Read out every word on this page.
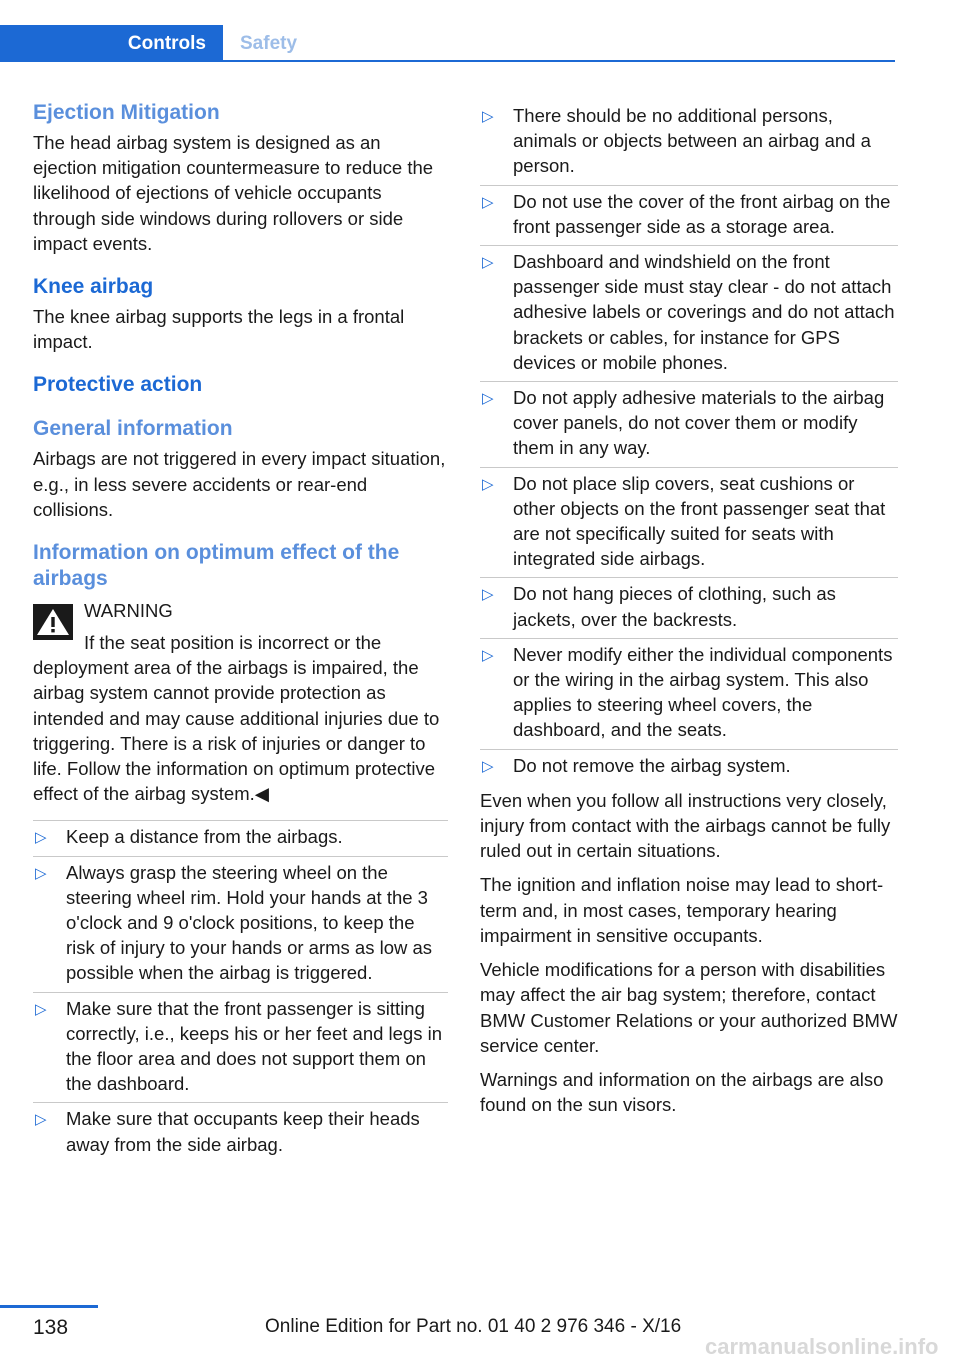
Controls	Safety
Ejection Mitigation

The head airbag system is designed as an ejection mitigation countermeasure to reduce the likelihood of ejections of vehicle occupants through side windows during rollovers or side impact events.

Knee airbag

The knee airbag supports the legs in a frontal impact.

Protective action
General information

Airbags are not triggered in every impact situation, e.g., in less severe accidents or rear-end collisions.

Information on optimum effect of the airbags
WARNING

If the seat position is incorrect or the deployment area of the airbags is impaired, the airbag system cannot provide protection as intended and may cause additional injuries due to triggering. There is a risk of injuries or danger to life. Follow the information on optimum protective effect of the airbag system.◀

▷ Keep a distance from the airbags.
▷ Always grasp the steering wheel on the steering wheel rim. Hold your hands at the 3 o'clock and 9 o'clock positions, to keep the risk of injury to your hands or arms as low as possible when the airbag is triggered.
▷ Make sure that the front passenger is sitting correctly, i.e., keeps his or her feet and legs in the floor area and does not support them on the dashboard.
▷ Make sure that occupants keep their heads away from the side airbag.
▷ There should be no additional persons, animals or objects between an airbag and a person.
▷ Do not use the cover of the front airbag on the front passenger side as a storage area.
▷ Dashboard and windshield on the front passenger side must stay clear - do not attach adhesive labels or coverings and do not attach brackets or cables, for instance for GPS devices or mobile phones.
▷ Do not apply adhesive materials to the airbag cover panels, do not cover them or modify them in any way.
▷ Do not place slip covers, seat cushions or other objects on the front passenger seat that are not specifically suited for seats with integrated side airbags.
▷ Do not hang pieces of clothing, such as jackets, over the backrests.
▷ Never modify either the individual components or the wiring in the airbag system. This also applies to steering wheel covers, the dashboard, and the seats.
▷ Do not remove the airbag system.

Even when you follow all instructions very closely, injury from contact with the airbags cannot be fully ruled out in certain situations.

The ignition and inflation noise may lead to short-term and, in most cases, temporary hearing impairment in sensitive occupants.

Vehicle modifications for a person with disabilities may affect the air bag system; therefore, contact BMW Customer Relations or your authorized BMW service center.

Warnings and information on the airbags are also found on the sun visors.

138	Online Edition for Part no. 01 40 2 976 346 - X/16
carmanualsonline.info
